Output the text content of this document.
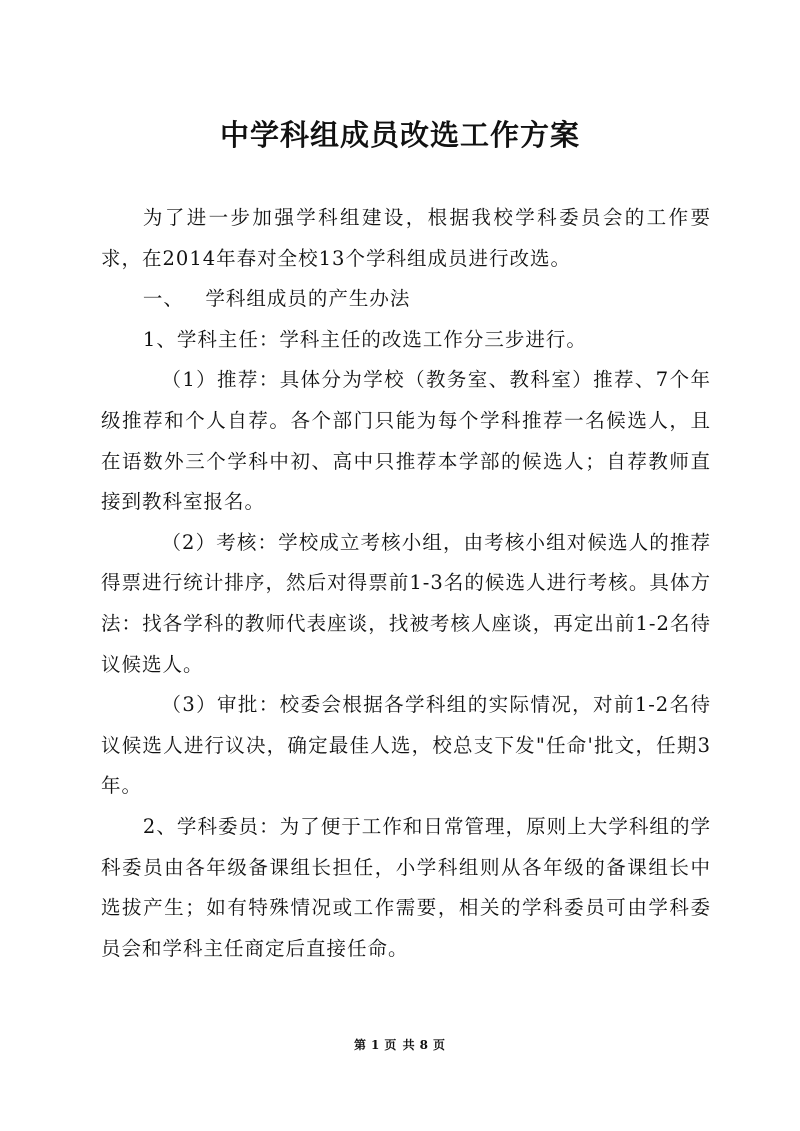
中学科组成员改选工作方案

为了进一步加强学科组建设，根据我校学科委员会的工作要求，在2014年春对全校13个学科组成员进行改选。

一、 学科组成员的产生办法

1、学科主任：学科主任的改选工作分三步进行。

（1）推荐：具体分为学校（教务室、教科室）推荐、7个年级推荐和个人自荐。各个部门只能为每个学科推荐一名候选人，且在语数外三个学科中初、高中只推荐本学部的候选人；自荐教师直接到教科室报名。

（2）考核：学校成立考核小组，由考核小组对候选人的推荐得票进行统计排序，然后对得票前1-3名的候选人进行考核。具体方法：找各学科的教师代表座谈，找被考核人座谈，再定出前1-2名待议候选人。

（3）审批：校委会根据各学科组的实际情况，对前1-2名待议候选人进行议决，确定最佳人选，校总支下发"任命'批文，任期3年。

2、学科委员：为了便于工作和日常管理，原则上大学科组的学科委员由各年级备课组长担任，小学科组则从各年级的备课组长中选拔产生；如有特殊情况或工作需要，相关的学科委员可由学科委员会和学科主任商定后直接任命。

第 1 页 共 8 页
